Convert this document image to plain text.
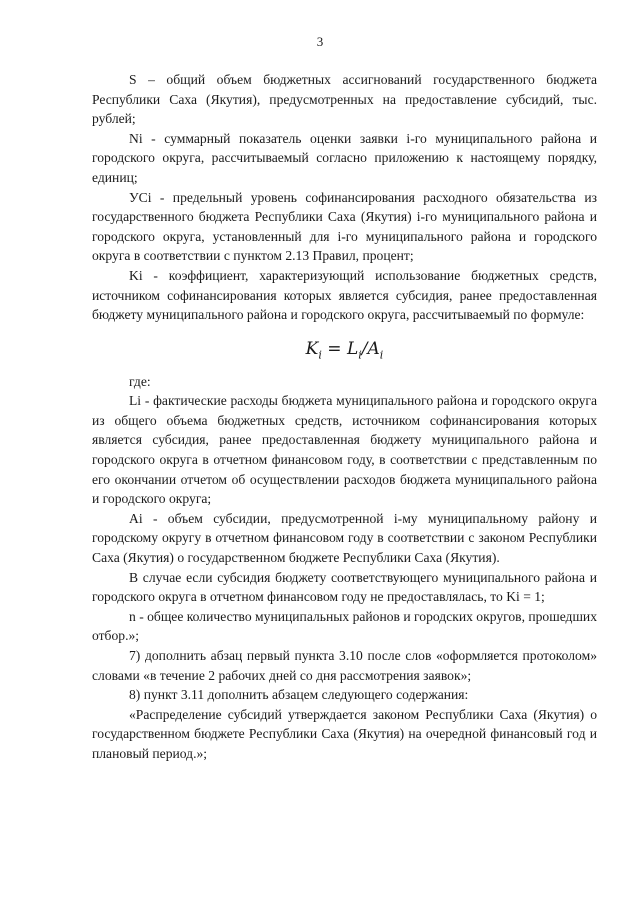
3

S – общий объем бюджетных ассигнований государственного бюджета Республики Саха (Якутия), предусмотренных на предоставление субсидий, тыс. рублей;

Ni - суммарный показатель оценки заявки i-го муниципального района и городского округа, рассчитываемый согласно приложению к настоящему порядку, единиц;

УСi - предельный уровень софинансирования расходного обязательства из государственного бюджета Республики Саха (Якутия) i-го муниципального района и городского округа, установленный для i-го муниципального района и городского округа в соответствии с пунктом 2.13 Правил, процент;

Ki - коэффициент, характеризующий использование бюджетных средств, источником софинансирования которых является субсидия, ранее предоставленная бюджету муниципального района и городского округа, рассчитываемый по формуле:

$K_i = L_i/A_i$

где:

Li - фактические расходы бюджета муниципального района и городского округа из общего объема бюджетных средств, источником софинансирования которых является субсидия, ранее предоставленная бюджету муниципального района и городского округа в отчетном финансовом году, в соответствии с представленным по его окончании отчетом об осуществлении расходов бюджета муниципального района и городского округа;

Ai - объем субсидии, предусмотренной i-му муниципальному району и городскому округу в отчетном финансовом году в соответствии с законом Республики Саха (Якутия) о государственном бюджете Республики Саха (Якутия).

В случае если субсидия бюджету соответствующего муниципального района и городского округа в отчетном финансовом году не предоставлялась, то Ki = 1;

n - общее количество муниципальных районов и городских округов, прошедших отбор.»;

7) дополнить абзац первый пункта 3.10 после слов «оформляется протоколом» словами «в течение 2 рабочих дней со дня рассмотрения заявок»;

8) пункт 3.11 дополнить абзацем следующего содержания:

«Распределение субсидий утверждается законом Республики Саха (Якутия) о государственном бюджете Республики Саха (Якутия) на очередной финансовый год и плановый период.»;
